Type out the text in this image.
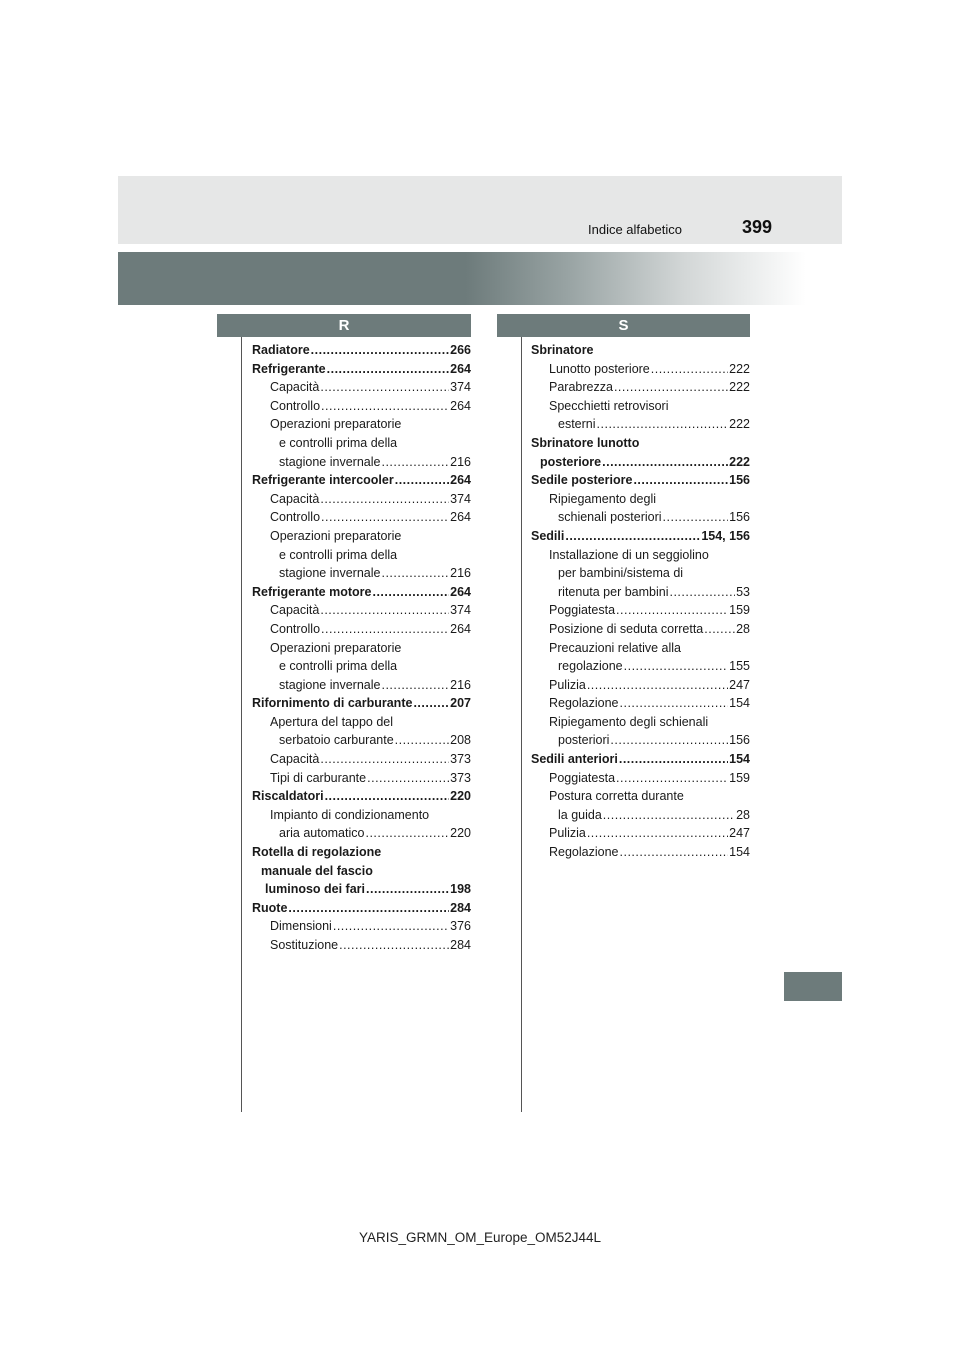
Indice alfabetico	399
R	S
Radiatore .....	266
Refrigerante .....	264
Capacità .....	374
Controllo .....	264
Operazioni preparatorie
e controlli prima della
stagione invernale .....	216
Refrigerante intercooler .....	264
Capacità .....	374
Controllo .....	264
Operazioni preparatorie
e controlli prima della
stagione invernale .....	216
Refrigerante motore .....	264
Capacità .....	374
Controllo .....	264
Operazioni preparatorie
e controlli prima della
stagione invernale .....	216
Rifornimento di carburante .....	207
Apertura del tappo del
serbatoio carburante .....	208
Capacità .....	373
Tipi di carburante .....	373
Riscaldatori .....	220
Impianto di condizionamento
aria automatico .....	220
Rotella di regolazione
manuale del fascio
luminoso dei fari .....	198
Ruote .....	284
Dimensioni .....	376
Sostituzione .....	284
Sbrinatore
Lunotto posteriore .....	222
Parabrezza .....	222
Specchietti retrovisori
esterni .....	222
Sbrinatore lunotto
posteriore .....	222
Sedile posteriore .....	156
Ripiegamento degli
schienali posteriori .....	156
Sedili .....	154, 156
Installazione di un seggiolino
per bambini/sistema di
ritenuta per bambini .....	53
Poggiatesta .....	159
Posizione di seduta corretta .....	28
Precauzioni relative alla
regolazione .....	155
Pulizia .....	247
Regolazione .....	154
Ripiegamento degli schienali
posteriori .....	156
Sedili anteriori .....	154
Poggiatesta .....	159
Postura corretta durante
la guida .....	28
Pulizia .....	247
Regolazione .....	154
YARIS_GRMN_OM_Europe_OM52J44L
